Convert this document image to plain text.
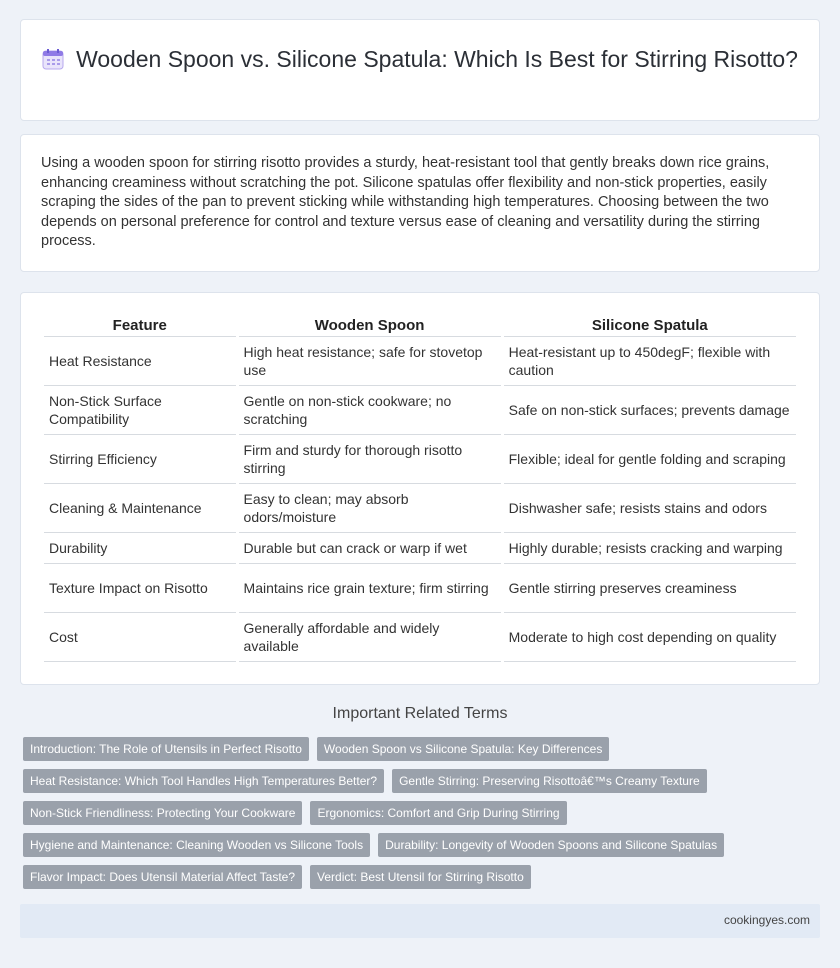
Wooden Spoon vs. Silicone Spatula: Which Is Best for Stirring Risotto?
Using a wooden spoon for stirring risotto provides a sturdy, heat-resistant tool that gently breaks down rice grains, enhancing creaminess without scratching the pot. Silicone spatulas offer flexibility and non-stick properties, easily scraping the sides of the pan to prevent sticking while withstanding high temperatures. Choosing between the two depends on personal preference for control and texture versus ease of cleaning and versatility during the stirring process.
Feature	Wooden Spoon	Silicone Spatula
Heat Resistance	High heat resistance; safe for stovetop use	Heat-resistant up to 450degF; flexible with caution
Non-Stick Surface Compatibility	Gentle on non-stick cookware; no scratching	Safe on non-stick surfaces; prevents damage
Stirring Efficiency	Firm and sturdy for thorough risotto stirring	Flexible; ideal for gentle folding and scraping
Cleaning & Maintenance	Easy to clean; may absorb odors/moisture	Dishwasher safe; resists stains and odors
Durability	Durable but can crack or warp if wet	Highly durable; resists cracking and warping
Texture Impact on Risotto	Maintains rice grain texture; firm stirring	Gentle stirring preserves creaminess
Cost	Generally affordable and widely available	Moderate to high cost depending on quality
Important Related Terms
Introduction: The Role of Utensils in Perfect Risotto	Wooden Spoon vs Silicone Spatula: Key Differences
Heat Resistance: Which Tool Handles High Temperatures Better?	Gentle Stirring: Preserving Risottoâ€™s Creamy Texture
Non-Stick Friendliness: Protecting Your Cookware	Ergonomics: Comfort and Grip During Stirring
Hygiene and Maintenance: Cleaning Wooden vs Silicone Tools	Durability: Longevity of Wooden Spoons and Silicone Spatulas
Flavor Impact: Does Utensil Material Affect Taste?	Verdict: Best Utensil for Stirring Risotto
cookingyes.com
